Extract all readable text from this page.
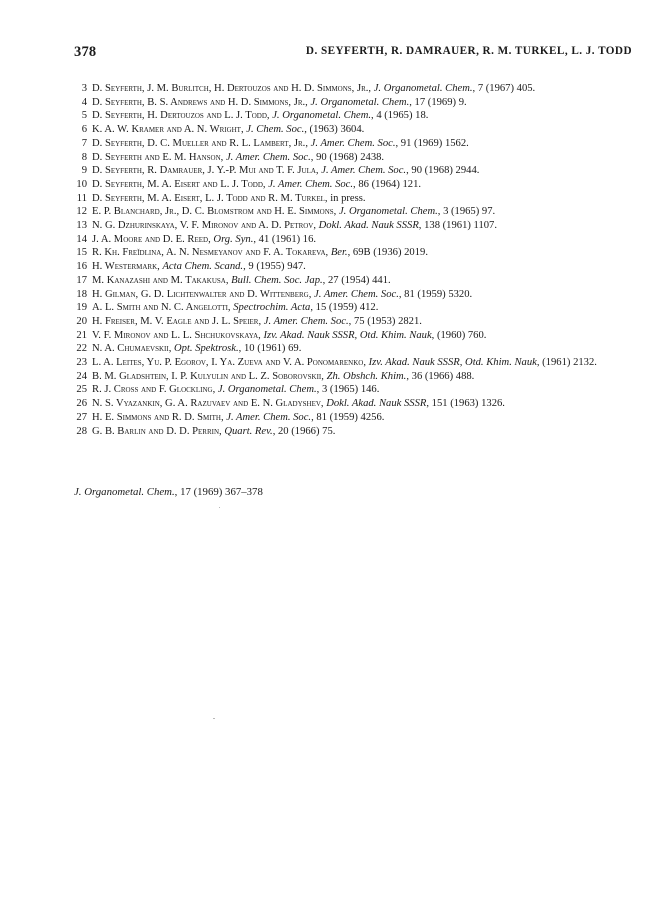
378	D. SEYFERTH, R. DAMRAUER, R. M. TURKEL, L. J. TODD
3 D. Seyferth, J. M. Burlitch, H. Dertouzos and H. D. Simmons, Jr., J. Organometal. Chem., 7 (1967) 405.
4 D. Seyferth, B. S. Andrews and H. D. Simmons, Jr., J. Organometal. Chem., 17 (1969) 9.
5 D. Seyferth, H. Dertouzos and L. J. Todd, J. Organometal. Chem., 4 (1965) 18.
6 K. A. W. Kramer and A. N. Wright, J. Chem. Soc., (1963) 3604.
7 D. Seyferth, D. C. Mueller and R. L. Lambert, Jr., J. Amer. Chem. Soc., 91 (1969) 1562.
8 D. Seyferth and E. M. Hanson, J. Amer. Chem. Soc., 90 (1968) 2438.
9 D. Seyferth, R. Damrauer, J. Y.-P. Mui and T. F. Jula, J. Amer. Chem. Soc., 90 (1968) 2944.
10 D. Seyferth, M. A. Eisert and L. J. Todd, J. Amer. Chem. Soc., 86 (1964) 121.
11 D. Seyferth, M. A. Eisert, L. J. Todd and R. M. Turkel, in press.
12 E. P. Blanchard, Jr., D. C. Blomstrom and H. E. Simmons, J. Organometal. Chem., 3 (1965) 97.
13 N. G. Dzhurinskaya, V. F. Mironov and A. D. Petrov, Dokl. Akad. Nauk SSSR, 138 (1961) 1107.
14 J. A. Moore and D. E. Reed, Org. Syn., 41 (1961) 16.
15 R. Kh. Freĭdlina, A. N. Nesmeyanov and F. A. Tokareva, Ber., 69B (1936) 2019.
16 H. Westermark, Acta Chem. Scand., 9 (1955) 947.
17 M. Kanazashi and M. Takakusa, Bull. Chem. Soc. Jap., 27 (1954) 441.
18 H. Gilman, G. D. Lichtenwalter and D. Wittenberg, J. Amer. Chem. Soc., 81 (1959) 5320.
19 A. L. Smith and N. C. Angelotti, Spectrochim. Acta, 15 (1959) 412.
20 H. Freiser, M. V. Eagle and J. L. Speier, J. Amer. Chem. Soc., 75 (1953) 2821.
21 V. F. Mironov and L. L. Shchukovskaya, Izv. Akad. Nauk SSSR, Otd. Khim. Nauk, (1960) 760.
22 N. A. Chumaevskii, Opt. Spektrosk., 10 (1961) 69.
23 L. A. Leites, Yu. P. Egorov, I. Ya. Zueva and V. A. Ponomarenko, Izv. Akad. Nauk SSSR, Otd. Khim. Nauk, (1961) 2132.
24 B. M. Gladshtein, I. P. Kulyulin and L. Z. Soborovskii, Zh. Obshch. Khim., 36 (1966) 488.
25 R. J. Cross and F. Glockling, J. Organometal. Chem., 3 (1965) 146.
26 N. S. Vyazankin, G. A. Razuvaev and E. N. Gladyshev, Dokl. Akad. Nauk SSSR, 151 (1963) 1326.
27 H. E. Simmons and R. D. Smith, J. Amer. Chem. Soc., 81 (1959) 4256.
28 G. B. Barlin and D. D. Perrin, Quart. Rev., 20 (1966) 75.
J. Organometal. Chem., 17 (1969) 367–378
